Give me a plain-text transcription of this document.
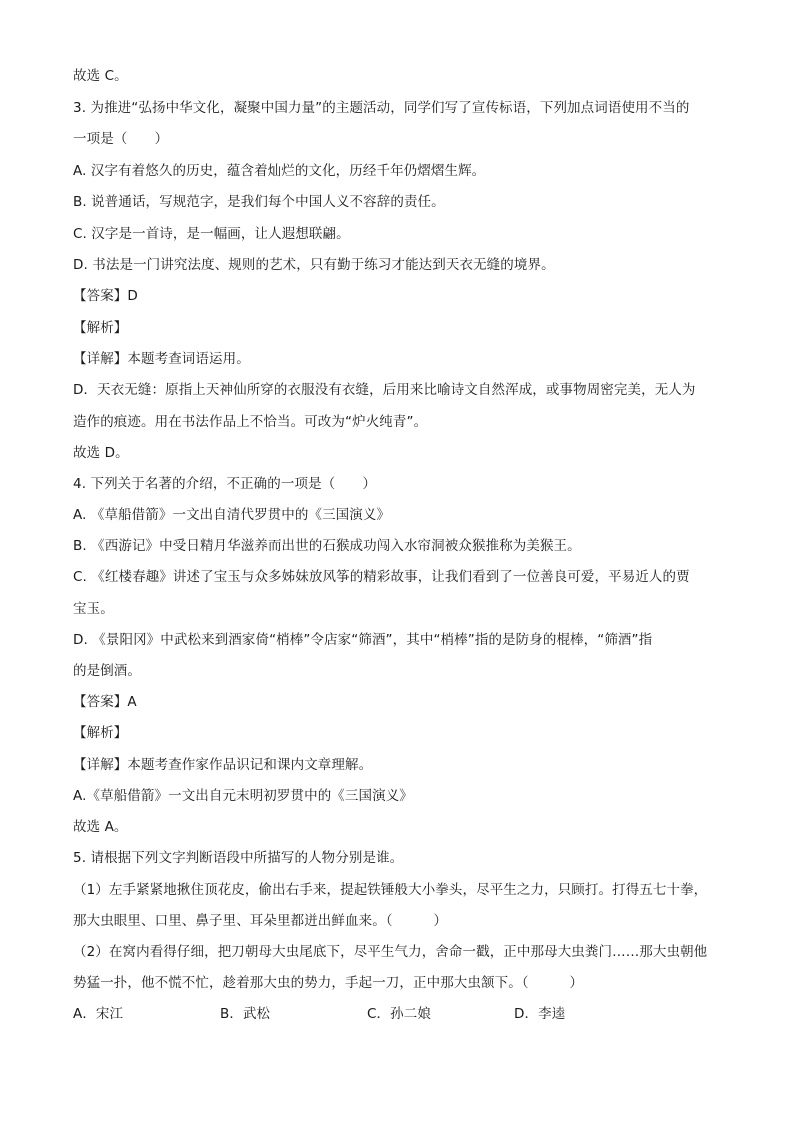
故选 C。
3. 为推进“弘扬中华文化，凝聚中国力量”的主题活动，同学们写了宣传标语，下列加点词语使用不当的
一项是（　　）
A. 汉字有着悠久的历史，蕴含着灿烂的文化，历经千年仍熠熠生辉。
B. 说普通话，写规范字，是我们每个中国人义不容辞的责任。
C. 汉字是一首诗，是一幅画，让人遐想联翩。
D. 书法是一门讲究法度、规则的艺术，只有勤于练习才能达到天衣无缝的境界。
【答案】D
【解析】
【详解】本题考查词语运用。
D．天衣无缝：原指上天神仙所穿的衣服没有衣缝，后用来比喻诗文自然浑成，或事物周密完美，无人为
造作的痕迹。用在书法作品上不恰当。可改为“炉火纯青”。
故选 D。
4. 下列关于名著的介绍，不正确的一项是（　　）
A. 《草船借箭》一文出自清代罗贯中的《三国演义》
B. 《西游记》中受日精月华滋养而出世的石猴成功闯入水帘洞被众猴推称为美猴王。
C. 《红楼春趣》讲述了宝玉与众多姊妹放风筝的精彩故事，让我们看到了一位善良可爱，平易近人的贾
宝玉。
D. 《景阳冈》中武松来到酒家倚“梢棒”令店家“筛酒”，其中“梢棒”指的是防身的棍棒，“筛酒”指
的是倒酒。
【答案】A
【解析】
【详解】本题考查作家作品识记和课内文章理解。
A.《草船借箭》一文出自元末明初罗贯中的《三国演义》
故选 A。
5. 请根据下列文字判断语段中所描写的人物分别是谁。
（1）左手紧紧地揪住顶花皮，偷出右手来，提起铁锤般大小拳头，尽平生之力，只顾打。打得五七十拳，
那大虫眼里、口里、鼻子里、耳朵里都迸出鲜血来。（　　　）
（2）在窝内看得仔细，把刀朝母大虫尾底下，尽平生气力，舍命一戳，正中那母大虫粪门……那大虫朝他
势猛一扑，他不慌不忙，趁着那大虫的势力，手起一刀，正中那大虫颔下。（　　　）
A．宋江	B．武松	C．孙二娘	D．李逵
